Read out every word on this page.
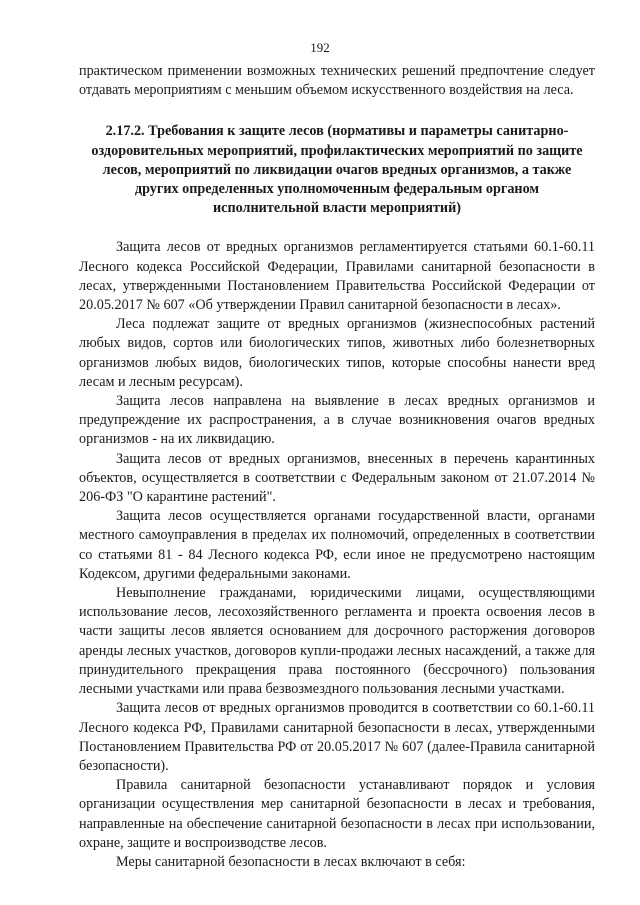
192

практическом применении возможных технических решений предпочтение следует отдавать мероприятиям с меньшим объемом искусственного воздействия на леса.

2.17.2. Требования к защите лесов (нормативы и параметры санитарно-оздоровительных мероприятий, профилактических мероприятий по защите лесов, мероприятий по ликвидации очагов вредных организмов, а также других определенных уполномоченным федеральным органом исполнительной власти мероприятий)

Защита лесов от вредных организмов регламентируется статьями 60.1-60.11 Лесного кодекса Российской Федерации, Правилами санитарной безопасности в лесах, утвержденными Постановлением Правительства Российской Федерации от 20.05.2017 № 607 «Об утверждении Правил санитарной безопасности в лесах».

Леса подлежат защите от вредных организмов (жизнеспособных растений любых видов, сортов или биологических типов, животных либо болезнетворных организмов любых видов, биологических типов, которые способны нанести вред лесам и лесным ресурсам).

Защита лесов направлена на выявление в лесах вредных организмов и предупреждение их распространения, а в случае возникновения очагов вредных организмов - на их ликвидацию.

Защита лесов от вредных организмов, внесенных в перечень карантинных объектов, осуществляется в соответствии с Федеральным законом от 21.07.2014 № 206-ФЗ "О карантине растений".

Защита лесов осуществляется органами государственной власти, органами местного самоуправления в пределах их полномочий, определенных в соответствии со статьями 81 - 84 Лесного кодекса РФ, если иное не предусмотрено настоящим Кодексом, другими федеральными законами.

Невыполнение гражданами, юридическими лицами, осуществляющими использование лесов, лесохозяйственного регламента и проекта освоения лесов в части защиты лесов является основанием для досрочного расторжения договоров аренды лесных участков, договоров купли-продажи лесных насаждений, а также для принудительного прекращения права постоянного (бессрочного) пользования лесными участками или права безвозмездного пользования лесными участками.

Защита лесов от вредных организмов проводится в соответствии со 60.1-60.11 Лесного кодекса РФ, Правилами санитарной безопасности в лесах, утвержденными Постановлением Правительства РФ от 20.05.2017 № 607 (далее-Правила санитарной безопасности).

Правила санитарной безопасности устанавливают порядок и условия организации осуществления мер санитарной безопасности в лесах и требования, направленные на обеспечение санитарной безопасности в лесах при использовании, охране, защите и воспроизводстве лесов.

Меры санитарной безопасности в лесах включают в себя:
